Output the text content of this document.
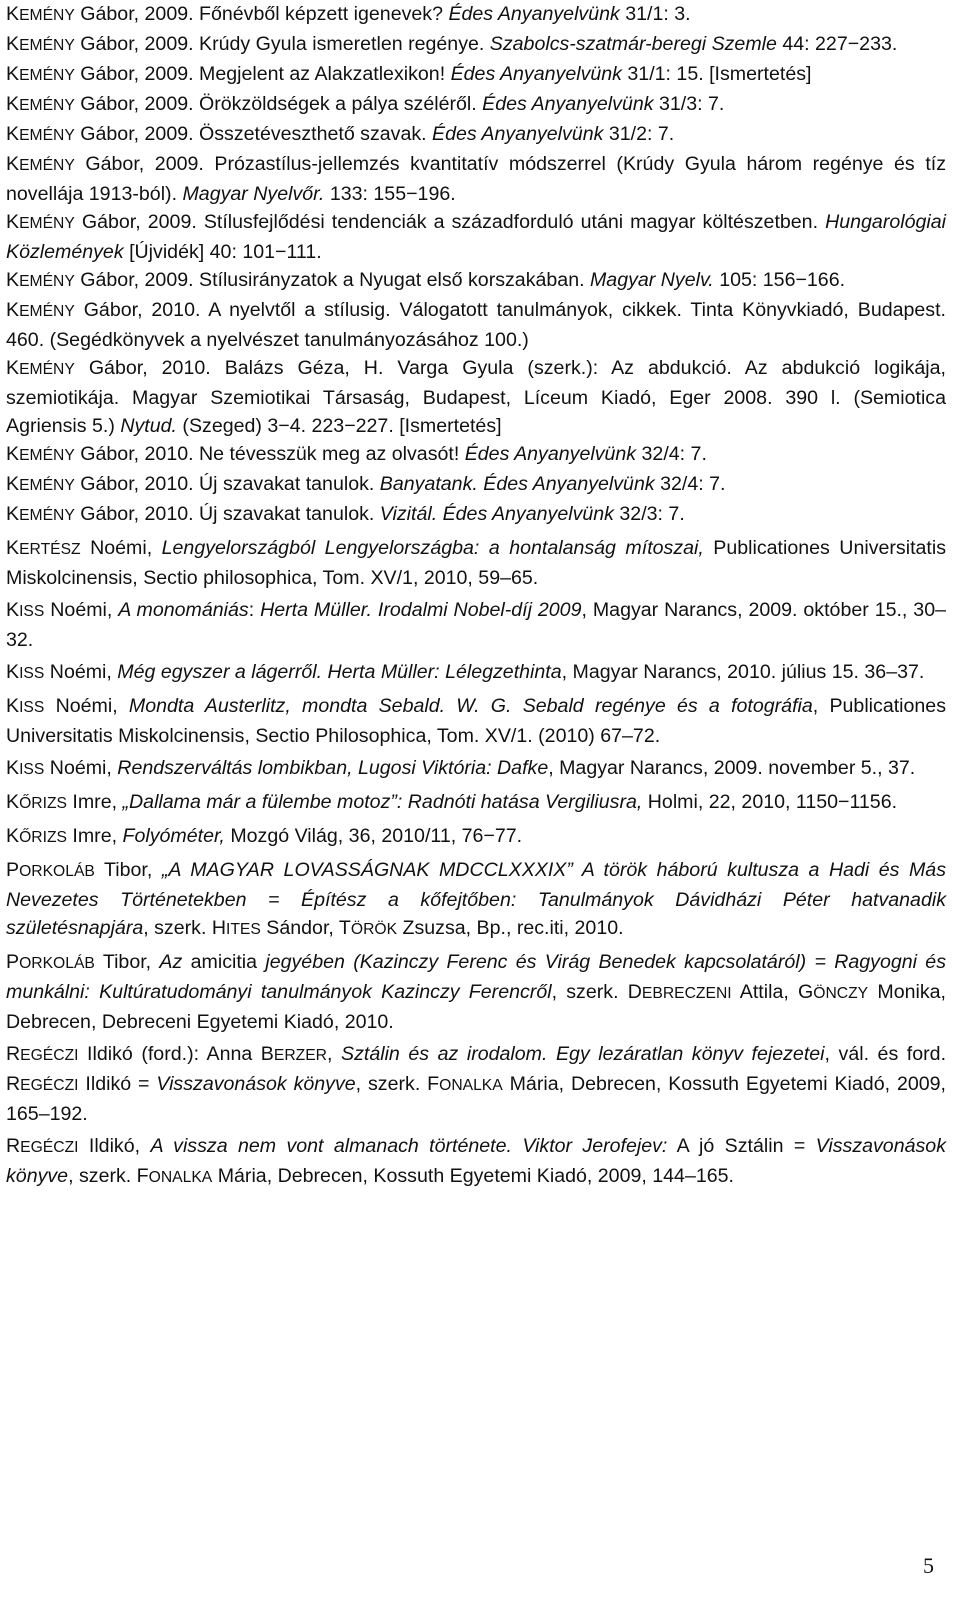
KEMÉNY Gábor, 2009. Főnévből képzett igenevek? Édes Anyanyelvünk 31/1: 3.

KEMÉNY Gábor, 2009. Krúdy Gyula ismeretlen regénye. Szabolcs-szatmár-beregi Szemle 44: 227−233.

KEMÉNY Gábor, 2009. Megjelent az Alakzatlexikon! Édes Anyanyelvünk 31/1: 15. [Ismertetés]

KEMÉNY Gábor, 2009. Örökzöldségek a pálya széléről. Édes Anyanyelvünk 31/3: 7.

KEMÉNY Gábor, 2009. Összetéveszthető szavak. Édes Anyanyelvünk 31/2: 7.

KEMÉNY Gábor, 2009. Prózastílus-jellemzés kvantitatív módszerrel (Krúdy Gyula három regénye és tíz novellája 1913-ból). Magyar Nyelvőr. 133: 155−196.

KEMÉNY Gábor, 2009. Stílusfejlődési tendenciák a századforduló utáni magyar költészetben. Hungarológiai Közlemények [Újvidék] 40: 101−111.

KEMÉNY Gábor, 2009. Stílusirányzatok a Nyugat első korszakában. Magyar Nyelv. 105: 156−166.

KEMÉNY Gábor, 2010. A nyelvtől a stílusig. Válogatott tanulmányok, cikkek. Tinta Könyvkiadó, Budapest. 460. (Segédkönyvek a nyelvészet tanulmányozásához 100.)

KEMÉNY Gábor, 2010. Balázs Géza, H. Varga Gyula (szerk.): Az abdukció. Az abdukció logikája, szemiotikája. Magyar Szemiotikai Társaság, Budapest, Líceum Kiadó, Eger 2008. 390 l. (Semiotica Agriensis 5.) Nytud. (Szeged) 3−4. 223−227. [Ismertetés]

KEMÉNY Gábor, 2010. Ne tévesszük meg az olvasót! Édes Anyanyelvünk 32/4: 7.

KEMÉNY Gábor, 2010. Új szavakat tanulok. Banyatank. Édes Anyanyelvünk 32/4: 7.

KEMÉNY Gábor, 2010. Új szavakat tanulok. Vizitál. Édes Anyanyelvünk 32/3: 7.

KERTÉSZ Noémi, Lengyelországból Lengyelországba: a hontalanság mítoszai, Publicationes Universitatis Miskolcinensis, Sectio philosophica, Tom. XV/1, 2010, 59–65.

KISS Noémi, A monomániás: Herta Müller. Irodalmi Nobel-díj 2009, Magyar Narancs, 2009. október 15., 30–32.

KISS Noémi, Még egyszer a lágerről. Herta Müller: Lélegzethinta, Magyar Narancs, 2010. július 15. 36–37.

KISS Noémi, Mondta Austerlitz, mondta Sebald. W. G. Sebald regénye és a fotográfia, Publicationes Universitatis Miskolcinensis, Sectio Philosophica, Tom. XV/1. (2010) 67–72.

KISS Noémi, Rendszerváltás lombikban, Lugosi Viktória: Dafke, Magyar Narancs, 2009. november 5., 37.

KŐRIZS Imre, „Dallama már a fülembe motoz”: Radnóti hatása Vergiliusra, Holmi, 22, 2010, 1150−1156.

KŐRIZS Imre, Folyóméter, Mozgó Világ, 36, 2010/11, 76−77.

PORKOLÁB Tibor, „A MAGYAR LOVASSÁGNAK MDCCLXXXIX” A török háború kultusza a Hadi és Más Nevezetes Történetekben = Építész a kőfejtőben: Tanulmányok Dávidházi Péter hatvanadik születésnapjára, szerk. HITES Sándor, TÖRÖK Zsuzsa, Bp., rec.iti, 2010.

PORKOLÁB Tibor, Az amicitia jegyében (Kazinczy Ferenc és Virág Benedek kapcsolatáról) = Ragyogni és munkálni: Kultúratudományi tanulmányok Kazinczy Ferencről, szerk. DEBRECZENI Attila, GÖNCZY Monika, Debrecen, Debreceni Egyetemi Kiadó, 2010.

REGÉCZI Ildikó (ford.): Anna BERZER, Sztálin és az irodalom. Egy lezáratlan könyv fejezetei, vál. és ford. REGÉCZI Ildikó = Visszavonások könyve, szerk. FONALKA Mária, Debrecen, Kossuth Egyetemi Kiadó, 2009, 165–192.

REGÉCZI Ildikó, A vissza nem vont almanach története. Viktor Jerofejev: A jó Sztálin = Visszavonások könyve, szerk. FONALKA Mária, Debrecen, Kossuth Egyetemi Kiadó, 2009, 144–165.

5
